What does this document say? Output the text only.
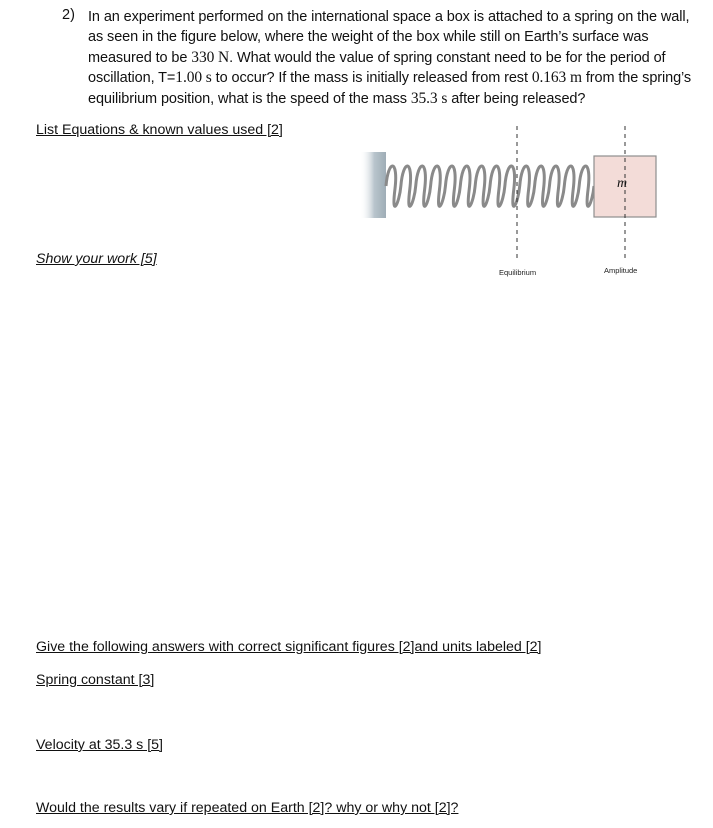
2) In an experiment performed on the international space a box is attached to a spring on the wall, as seen in the figure below, where the weight of the box while still on Earth’s surface was measured to be 330 N. What would the value of spring constant need to be for the period of oscillation, T=1.00 s to occur? If the mass is initially released from rest 0.163 m from the spring’s equilibrium position, what is the speed of the mass 35.3 s after being released?
List Equations & known values used [2]
Show your work [5]
Give the following answers with correct significant figures [2]and units labeled [2]
Spring constant [3]
Velocity at 35.3 s [5]
Would the results vary if repeated on Earth [2]? why or why not [2]?
m
Equilibrium	Amplitude
